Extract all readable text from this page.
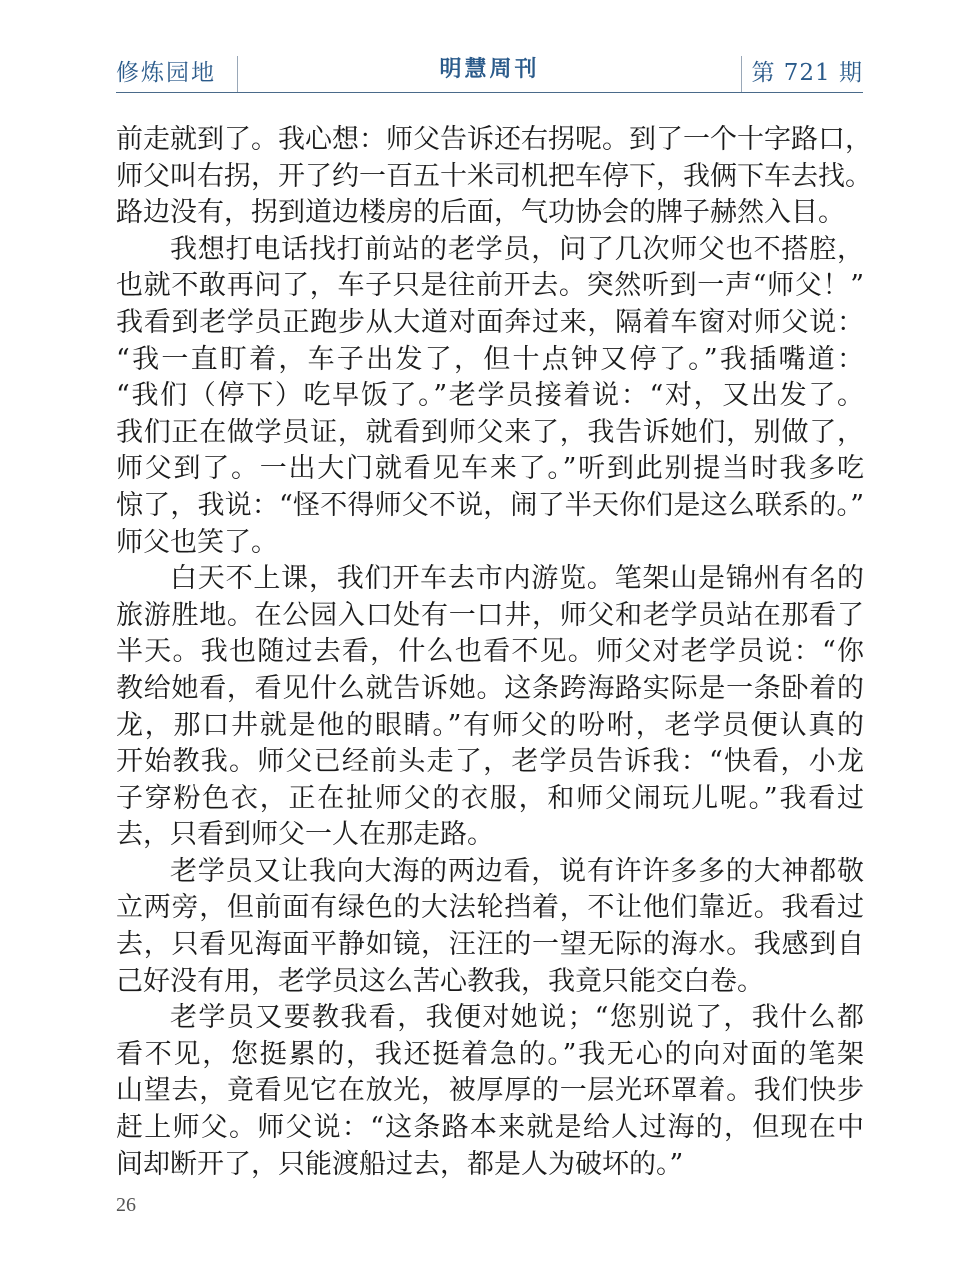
修炼园地	明慧周刊	第 721 期
前走就到了。我心想：师父告诉还右拐呢。到了一个十字路口，
师父叫右拐，开了约一百五十米司机把车停下，我俩下车去找。
路边没有，拐到道边楼房的后面，气功协会的牌子赫然入目。
我想打电话找打前站的老学员，问了几次师父也不搭腔，
也就不敢再问了，车子只是往前开去。突然听到一声“师父！”
我看到老学员正跑步从大道对面奔过来，隔着车窗对师父说：
“我一直盯着，车子出发了，但十点钟又停了。”我插嘴道：
“我们（停下）吃早饭了。”老学员接着说：“对，又出发了。
我们正在做学员证，就看到师父来了，我告诉她们，别做了，
师父到了。一出大门就看见车来了。”听到此别提当时我多吃
惊了，我说：“怪不得师父不说，闹了半天你们是这么联系的。”
师父也笑了。
白天不上课，我们开车去市内游览。笔架山是锦州有名的
旅游胜地。在公园入口处有一口井，师父和老学员站在那看了
半天。我也随过去看，什么也看不见。师父对老学员说：“你
教给她看，看见什么就告诉她。这条跨海路实际是一条卧着的
龙，那口井就是他的眼睛。”有师父的吩咐，老学员便认真的
开始教我。师父已经前头走了，老学员告诉我：“快看，小龙
子穿粉色衣，正在扯师父的衣服，和师父闹玩儿呢。”我看过
去，只看到师父一人在那走路。
老学员又让我向大海的两边看，说有许许多多的大神都敬
立两旁，但前面有绿色的大法轮挡着，不让他们靠近。我看过
去，只看见海面平静如镜，汪汪的一望无际的海水。我感到自
己好没有用，老学员这么苦心教我，我竟只能交白卷。
老学员又要教我看，我便对她说；“您别说了，我什么都
看不见，您挺累的，我还挺着急的。”我无心的向对面的笔架
山望去，竟看见它在放光，被厚厚的一层光环罩着。我们快步
赶上师父。师父说：“这条路本来就是给人过海的，但现在中
间却断开了，只能渡船过去，都是人为破坏的。”
26
